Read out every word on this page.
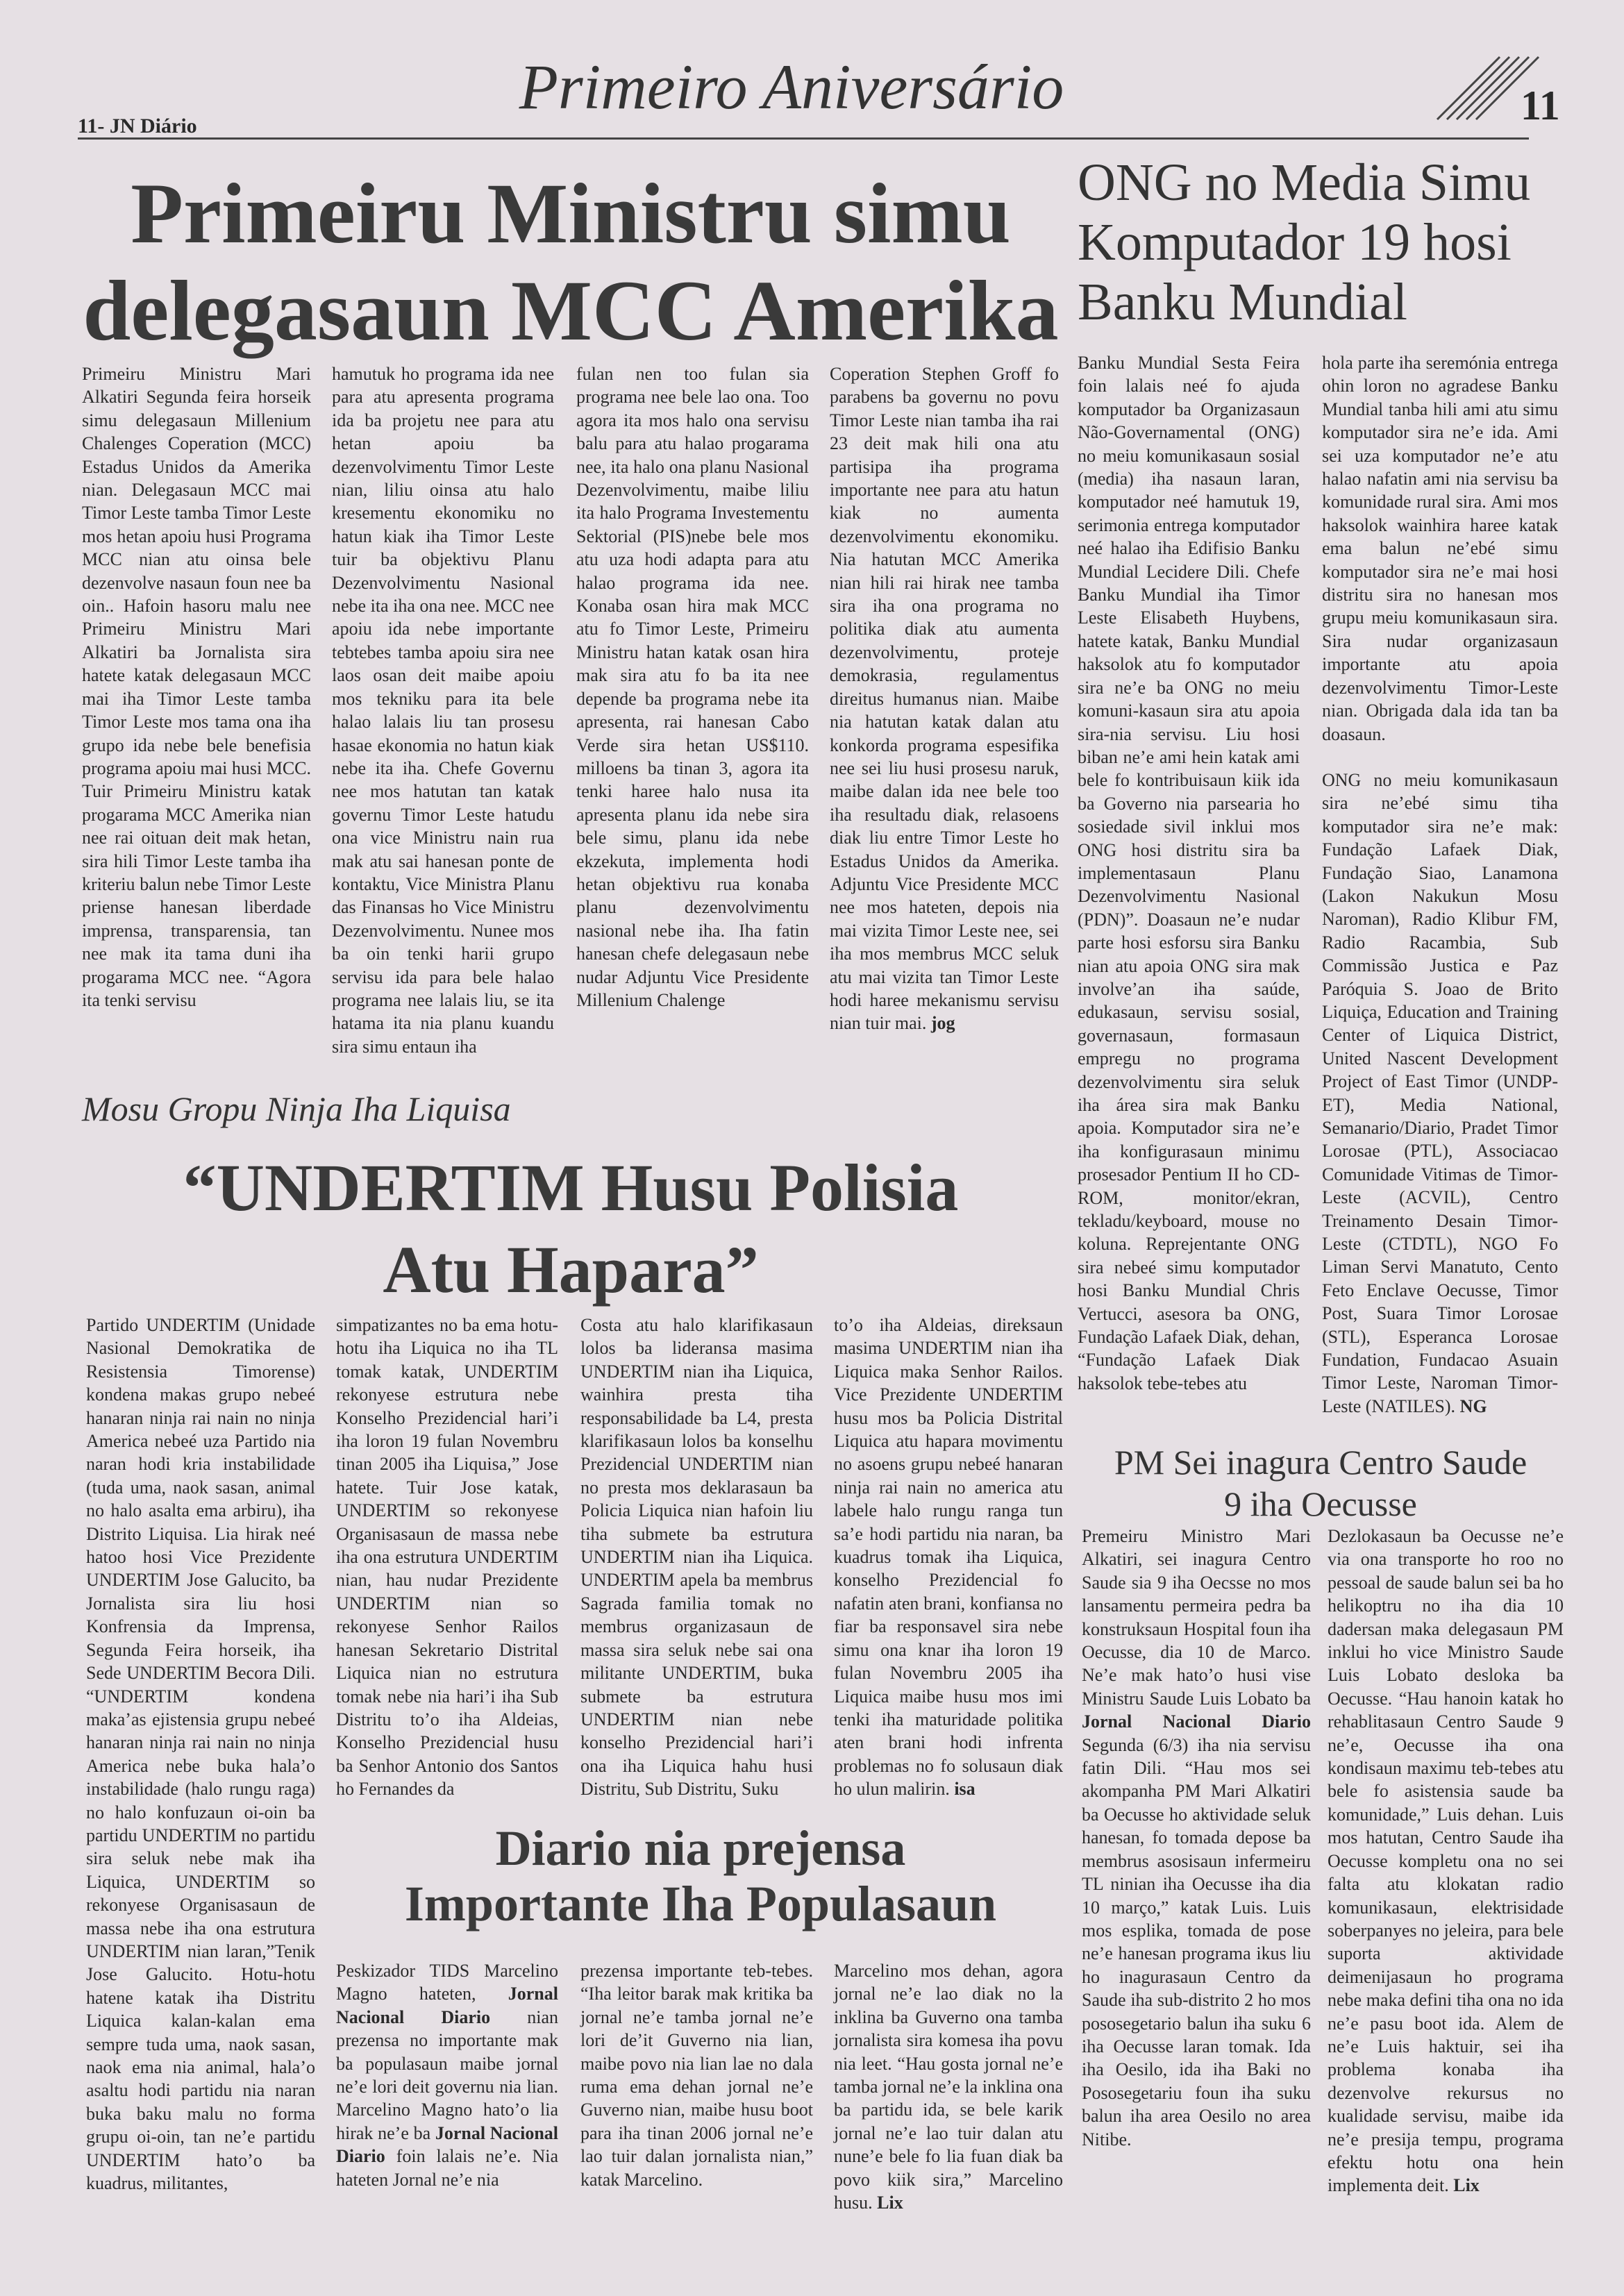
11- JN Diário
Primeiro Aniversário	11
Primeiru Ministru simu
delegasaun MCC Amerika

Primeiru Ministru Mari Alkatiri Segunda feira horseik simu delegasaun Millenium Chalenges Coperation (MCC) Estadus Unidos da Amerika nian. Delegasaun MCC mai Timor Leste tamba Timor Leste mos hetan apoiu husi Programa MCC nian atu oinsa bele dezenvolve nasaun foun nee ba oin.. Hafoin hasoru malu nee Primeiru Ministru Mari Alkatiri ba Jornalista sira hatete katak delegasaun MCC mai iha Timor Leste tamba Timor Leste mos tama ona iha grupo ida nebe bele benefisia programa apoiu mai husi MCC. Tuir Primeiru Ministru katak progarama MCC Amerika nian nee rai oituan deit mak hetan, sira hili Timor Leste tamba iha kriteriu balun nebe Timor Leste priense hanesan liberdade imprensa, transparensia, tan nee mak ita tama duni iha progarama MCC nee. “Agora ita tenki servisu

hamutuk ho programa ida nee para atu apresenta programa ida ba projetu nee para atu hetan apoiu ba dezenvolvimentu Timor Leste nian, liliu oinsa atu halo kresementu ekonomiku no hatun kiak iha Timor Leste tuir ba objektivu Planu Dezenvolvimentu Nasional nebe ita iha ona nee. MCC nee apoiu ida nebe importante tebtebes tamba apoiu sira nee laos osan deit maibe apoiu mos tekniku para ita bele halao lalais liu tan prosesu hasae ekonomia no hatun kiak nebe ita iha. Chefe Governu nee mos hatutan tan katak governu Timor Leste hatudu ona vice Ministru nain rua mak atu sai hanesan ponte de kontaktu, Vice Ministra Planu das Finansas ho Vice Ministru Dezenvolvimentu. Nunee mos ba oin tenki harii grupo servisu ida para bele halao programa nee lalais liu, se ita hatama ita nia planu kuandu sira simu entaun iha

fulan nen too fulan sia programa nee bele lao ona. Too agora ita mos halo ona servisu balu para atu halao progarama nee, ita halo ona planu Nasional Dezenvolvimentu, maibe liliu ita halo Programa Investementu Sektorial (PIS)nebe bele mos atu uza hodi adapta para atu halao programa ida nee. Konaba osan hira mak MCC atu fo Timor Leste, Primeiru Ministru hatan katak osan hira mak sira atu fo ba ita nee depende ba programa nebe ita apresenta, rai hanesan Cabo Verde sira hetan US$110. milloens ba tinan 3, agora ita tenki haree halo nusa ita apresenta planu ida nebe sira bele simu, planu ida nebe ekzekuta, implementa hodi hetan objektivu rua konaba planu dezenvolvimentu nasional nebe iha. Iha fatin hanesan chefe delegasaun nebe nudar Adjuntu Vice Presidente Millenium Chalenge

Coperation Stephen Groff fo parabens ba governu no povu Timor Leste nian tamba iha rai 23 deit mak hili ona atu partisipa iha programa importante nee para atu hatun kiak no aumenta dezenvolvimentu ekonomiku. Nia hatutan MCC Amerika nian hili rai hirak nee tamba sira iha ona programa no politika diak atu aumenta dezenvolvimentu, proteje demokrasia, regulamentus direitus humanus nian. Maibe nia hatutan katak dalan atu konkorda programa espesifika nee sei liu husi prosesu naruk, maibe dalan ida nee bele too iha resultadu diak, relasoens diak liu entre Timor Leste ho Estadus Unidos da Amerika. Adjuntu Vice Presidente MCC nee mos hateten, depois nia mai vizita Timor Leste nee, sei iha mos membrus MCC seluk atu mai vizita tan Timor Leste hodi haree mekanismu servisu nian tuir mai. jog

Mosu Gropu Ninja Iha Liquisa
“UNDERTIM Husu Polisia
Atu Hapara”

Partido UNDERTIM (Unidade Nasional Demokratika de Resistensia Timorense) kondena makas grupo nebeé hanaran ninja rai nain no ninja America nebeé uza Partido nia naran hodi kria instabilidade (tuda uma, naok sasan, animal no halo asalta ema arbiru), iha Distrito Liquisa. Lia hirak neé hatoo hosi Vice Prezidente UNDERTIM Jose Galucito, ba Jornalista sira liu hosi Konfrensia da Imprensa, Segunda Feira horseik, iha Sede UNDERTIM Becora Dili. “UNDERTIM kondena maka’as ejistensia grupu nebeé hanaran ninja rai nain no ninja America nebe buka hala’o instabilidade (halo rungu raga) no halo konfuzaun oi-oin ba partidu UNDERTIM no partidu sira seluk nebe mak iha Liquica, UNDERTIM so rekonyese Organisasaun de massa nebe iha ona estrutura UNDERTIM nian laran,”Tenik Jose Galucito. Hotu-hotu hatene katak iha Distritu Liquica kalan-kalan ema sempre tuda uma, naok sasan, naok ema nia animal, hala’o asaltu hodi partidu nia naran buka baku malu no forma grupu oi-oin, tan ne’e partidu UNDERTIM hato’o ba kuadrus, militantes,

simpatizantes no ba ema hotu-hotu iha Liquica no iha TL tomak katak, UNDERTIM rekonyese estrutura nebe Konselho Prezidencial hari’i iha loron 19 fulan Novembru tinan 2005 iha Liquisa,” Jose hatete. Tuir Jose katak, UNDERTIM so rekonyese Organisasaun de massa nebe iha ona estrutura UNDERTIM nian, hau nudar Prezidente UNDERTIM nian so rekonyese Senhor Railos hanesan Sekretario Distrital Liquica nian no estrutura tomak nebe nia hari’i iha Sub Distritu to’o iha Aldeias, Konselho Prezidencial husu ba Senhor Antonio dos Santos ho Fernandes da

Costa atu halo klarifikasaun lolos ba lideransa masima UNDERTIM nian iha Liquica, wainhira presta tiha responsabilidade ba L4, presta klarifikasaun lolos ba konselhu Prezidencial UNDERTIM nian no presta mos deklarasaun ba Policia Liquica nian hafoin liu tiha submete ba estrutura UNDERTIM nian iha Liquica. UNDERTIM apela ba membrus Sagrada familia tomak no membrus organizasaun de massa sira seluk nebe sai ona militante UNDERTIM, buka submete ba estrutura UNDERTIM nian nebe konselho Prezidencial hari’i ona iha Liquica hahu husi Distritu, Sub Distritu, Suku

to’o iha Aldeias, direksaun masima UNDERTIM nian iha Liquica maka Senhor Railos. Vice Prezidente UNDERTIM husu mos ba Policia Distrital Liquica atu hapara movimentu no asoens grupu nebeé hanaran ninja rai nain no america atu labele halo rungu ranga tun sa’e hodi partidu nia naran, ba kuadrus tomak iha Liquica, konselho Prezidencial fo nafatin aten brani, konfiansa no fiar ba responsavel sira nebe simu ona knar iha loron 19 fulan Novembru 2005 iha Liquica maibe husu mos imi tenki iha maturidade politika aten brani hodi infrenta problemas no fo solusaun diak ho ulun malirin. isa

Diario nia prejensa
Importante Iha Populasaun

Peskizador TIDS Marcelino Magno hateten, Jornal Nacional Diario nian prezensa no importante mak ba populasaun maibe jornal ne’e lori deit governu nia lian. Marcelino Magno hato’o lia hirak ne’e ba Jornal Nacional Diario foin lalais ne’e. Nia hateten Jornal ne’e nia

prezensa importante teb-tebes. “Iha leitor barak mak kritika ba jornal ne’e tamba jornal ne’e lori de’it Guverno nia lian, maibe povo nia lian lae no dala ruma ema dehan jornal ne’e Guverno nian, maibe husu boot para iha tinan 2006 jornal ne’e lao tuir dalan jornalista nian,” katak Marcelino.

Marcelino mos dehan, agora jornal ne’e lao diak no la inklina ba Guverno ona tamba jornalista sira komesa iha povu nia leet. “Hau gosta jornal ne’e tamba jornal ne’e la inklina ona ba partidu ida, se bele karik jornal ne’e lao tuir dalan atu nune’e bele fo lia fuan diak ba povo kiik sira,” Marcelino husu. Lix

ONG no Media Simu
Komputador 19 hosi
Banku Mundial

Banku Mundial Sesta Feira foin lalais neé fo ajuda komputador ba Organizasaun Não-Governamental (ONG) no meiu komunikasaun sosial (media) iha nasaun laran, komputador neé hamutuk 19, serimonia entrega komputador neé halao iha Edifisio Banku Mundial Lecidere Dili. Chefe Banku Mundial iha Timor Leste Elisabeth Huybens, hatete katak, Banku Mundial haksolok atu fo komputador sira ne’e ba ONG no meiu komuni-kasaun sira atu apoia sira-nia servisu. Liu hosi biban ne’e ami hein katak ami bele fo kontribuisaun kiik ida ba Governo nia parsearia ho sosiedade sivil inklui mos ONG hosi distritu sira ba implementasaun Planu Dezenvolvimentu Nasional (PDN)”. Doasaun ne’e nudar parte hosi esforsu sira Banku nian atu apoia ONG sira mak involve’an iha saúde, edukasaun, servisu sosial, governasaun, formasaun empregu no programa dezenvolvimentu sira seluk iha área sira mak Banku apoia. Komputador sira ne’e iha konfigurasaun minimu prosesador Pentium II ho CD-ROM, monitor/ekran, tekladu/keyboard, mouse no koluna. Reprejentante ONG sira nebeé simu komputador hosi Banku Mundial Chris Vertucci, asesora ba ONG, Fundação Lafaek Diak, dehan, “Fundação Lafaek Diak haksolok tebe-tebes atu

hola parte iha seremónia entrega ohin loron no agradese Banku Mundial tanba hili ami atu simu komputador sira ne’e ida. Ami sei uza komputador ne’e atu halao nafatin ami nia servisu ba komunidade rural sira. Ami mos haksolok wainhira haree katak ema balun ne’ebé simu komputador sira ne’e mai hosi distritu sira no hanesan mos grupu meiu komunikasaun sira. Sira nudar organizasaun importante atu apoia dezenvolvimentu Timor-Leste nian. Obrigada dala ida tan ba doasaun.

ONG no meiu komunikasaun sira ne’ebé simu tiha komputador sira ne’e mak: Fundação Lafaek Diak, Fundação Siao, Lanamona (Lakon Nakukun Mosu Naroman), Radio Klibur FM, Radio Racambia, Sub Commissão Justica e Paz Paróquia S. Joao de Brito Liquiça, Education and Training Center of Liquica District, United Nascent Development Project of East Timor (UNDP-ET), Media National, Semanario/Diario, Pradet Timor Lorosae (PTL), Associacao Comunidade Vitimas de Timor-Leste (ACVIL), Centro Treinamento Desain Timor-Leste (CTDTL), NGO Fo Liman Servi Manatuto, Cento Feto Enclave Oecusse, Timor Post, Suara Timor Lorosae (STL), Esperanca Lorosae Fundation, Fundacao Asuain Timor Leste, Naroman Timor-Leste (NATILES). NG

PM Sei inagura Centro Saude
9 iha Oecusse

Premeiru Ministro Mari Alkatiri, sei inagura Centro Saude sia 9 iha Oecsse no mos lansamentu permeira pedra ba konstruksaun Hospital foun iha Oecusse, dia 10 de Marco. Ne’e mak hato’o husi vise Ministru Saude Luis Lobato ba Jornal Nacional Diario Segunda (6/3) iha nia servisu fatin Dili. “Hau mos sei akompanha PM Mari Alkatiri ba Oecusse ho aktividade seluk hanesan, fo tomada depose ba membrus asosisaun infermeiru TL ninian iha Oecusse iha dia 10 março,” katak Luis. Luis mos esplika, tomada de pose ne’e hanesan programa ikus liu ho inagurasaun Centro da Saude iha sub-distrito 2 ho mos pososegetario balun iha suku 6 iha Oecusse laran tomak. Ida iha Oesilo, ida iha Baki no Pososegetariu foun iha suku balun iha area Oesilo no area Nitibe.

Dezlokasaun ba Oecusse ne’e via ona transporte ho roo no pessoal de saude balun sei ba ho helikoptru no iha dia 10 dadersan maka delegasaun PM inklui ho vice Ministro Saude Luis Lobato desloka ba Oecusse. “Hau hanoin katak ho rehablitasaun Centro Saude 9 ne’e, Oecusse iha ona kondisaun maximu teb-tebes atu bele fo asistensia saude ba komunidade,” Luis dehan. Luis mos hatutan, Centro Saude iha Oecusse kompletu ona no sei falta atu klokatan radio komunikasaun, elektrisidade soberpanyes no jeleira, para bele suporta aktividade deimenijasaun ho programa nebe maka defini tiha ona no ida ne’e pasu boot ida. Alem de ne’e Luis haktuir, sei iha problema konaba iha dezenvolve rekursus no kualidade servisu, maibe ida ne’e presija tempu, programa efektu hotu ona hein implementa deit. Lix
